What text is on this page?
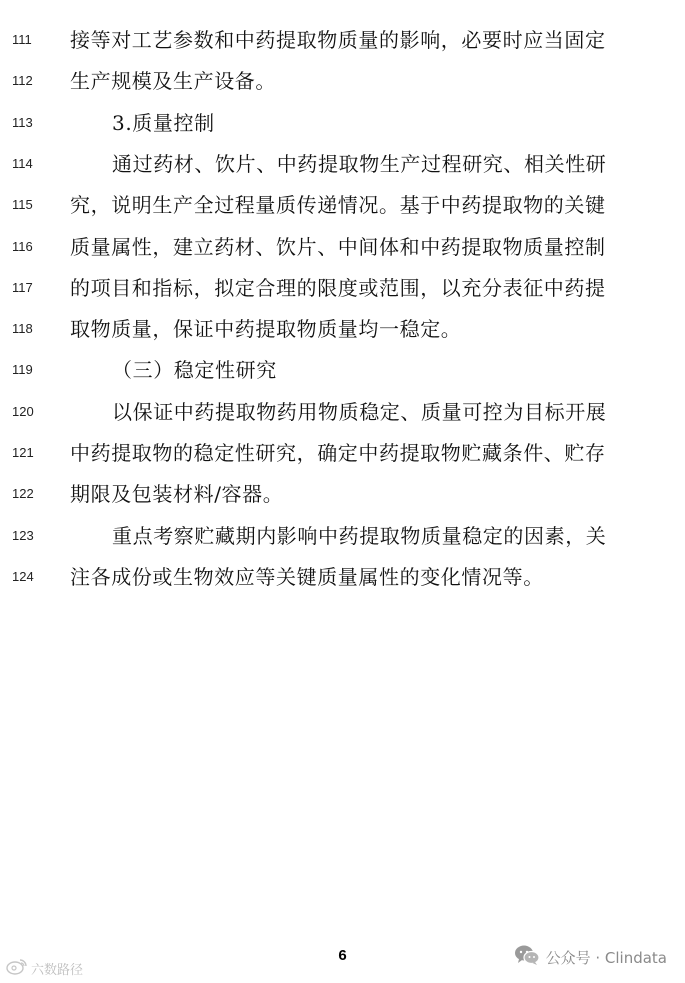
111	接等对工艺参数和中药提取物质量的影响，必要时应当固定
112	生产规模及生产设备。
113	3.质量控制
114	通过药材、饮片、中药提取物生产过程研究、相关性研
115	究，说明生产全过程量质传递情况。基于中药提取物的关键
116	质量属性，建立药材、饮片、中间体和中药提取物质量控制
117	的项目和指标，拟定合理的限度或范围，以充分表征中药提
118	取物质量，保证中药提取物质量均一稳定。
119	（三）稳定性研究
120	以保证中药提取物药用物质稳定、质量可控为目标开展
121	中药提取物的稳定性研究，确定中药提取物贮藏条件、贮存
122	期限及包装材料/容器。
123	重点考察贮藏期内影响中药提取物质量稳定的因素，关
124	注各成份或生物效应等关键质量属性的变化情况等。
6
六数路径
公众号 · Clindata
